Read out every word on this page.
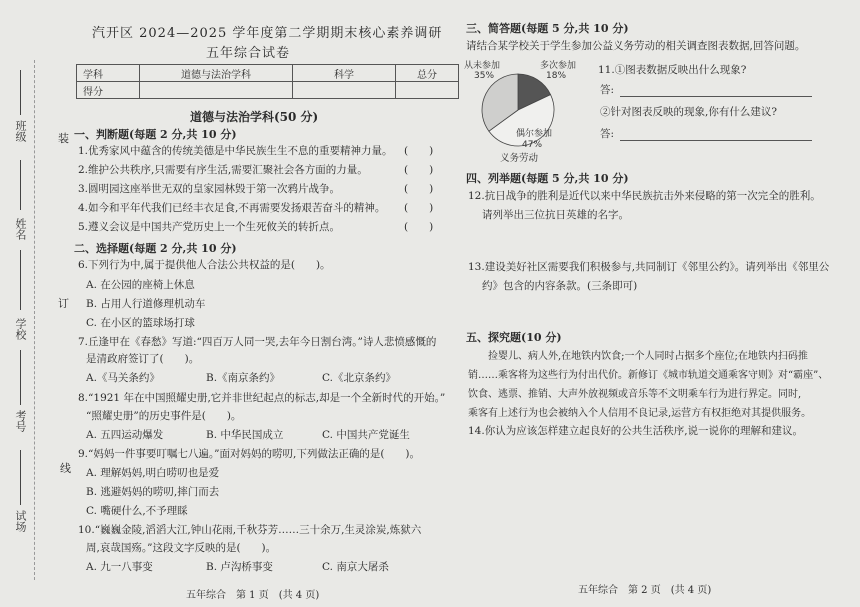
班级
姓名
学校
考号
试场
装
订
线
汽开区 2024—2025 学年度第二学期期末核心素养调研
五年综合试卷
学科	道德与法治学科	科学	总分
得分			
道德与法治学科(50 分)
一、判断题(每题 2 分,共 10 分)
1.优秀家风中蕴含的传统美德是中华民族生生不息的重要精神力量。 (　　)
2.维护公共秩序,只需要有序生活,需要汇聚社会各方面的力量。	(　　)
3.圆明园这座举世无双的皇家园林毁于第一次鸦片战争。	(　　)
4.如今和平年代我们已经丰衣足食,不再需要发扬艰苦奋斗的精神。 (　　)
5.遵义会议是中国共产党历史上一个生死攸关的转折点。	(　　)
二、选择题(每题 2 分,共 10 分)
6.下列行为中,属于提供他人合法公共权益的是(　　)。
A. 在公园的座椅上休息
B. 占用人行道修理机动车
C. 在小区的篮球场打球
7.丘逢甲在《春愁》写道:“四百万人同一哭,去年今日割台湾。”诗人悲愤感慨的
是清政府签订了(　　)。
A.《马关条约》	B.《南京条约》	C.《北京条约》
8.“1921 年在中国照耀史册,它并非世纪起点的标志,却是一个全新时代的开始。”
“照耀史册”的历史事件是(　　)。
A. 五四运动爆发	B. 中华民国成立	C. 中国共产党诞生
9.“妈妈一件事要叮嘱七八遍。”面对妈妈的唠叨,下列做法正确的是(　　)。
A. 理解妈妈,明白唠叨也是爱
B. 逃避妈妈的唠叨,摔门而去
C. 嘴硬什么,不予理睬
10.“巍巍金陵,滔滔大江,钟山花雨,千秋芬芳……三十余万,生灵涂炭,炼狱六
周,哀哉国殇。”这段文字反映的是(　　)。
A. 九一八事变	B. 卢沟桥事变	C. 南京大屠杀
五年综合　第 1 页　(共 4 页)
三、简答题(每题 5 分,共 10 分)
请结合某学校关于学生参加公益义务劳动的相关调查图表数据,回答问题。
从未参加
35%
多次参加
18%
偶尔参加
47%
义务劳动
11.①图表数据反映出什么现象?
答:
②针对图表反映的现象,你有什么建议?
答:
四、列举题(每题 5 分,共 10 分)
12.抗日战争的胜利是近代以来中华民族抗击外来侵略的第一次完全的胜利。
请列举出三位抗日英雄的名字。
13.建设美好社区需要我们积极参与,共同制订《邻里公约》。请列举出《邻里公
约》包含的内容条款。(三条即可)
五、探究题(10 分)
　　捡婴儿、病人外,在地铁内饮食;一个人同时占据多个座位;在地铁内扫码推
销……乘客将为这些行为付出代价。新修订《城市轨道交通乘客守则》对“霸座”、
饮食、逃票、推销、大声外放视频或音乐等不文明乘车行为进行界定。同时,
乘客有上述行为也会被纳入个人信用不良记录,运营方有权拒绝对其提供服务。
14.你认为应该怎样建立起良好的公共生活秩序,说一说你的理解和建议。
五年综合　第 2 页　(共 4 页)
